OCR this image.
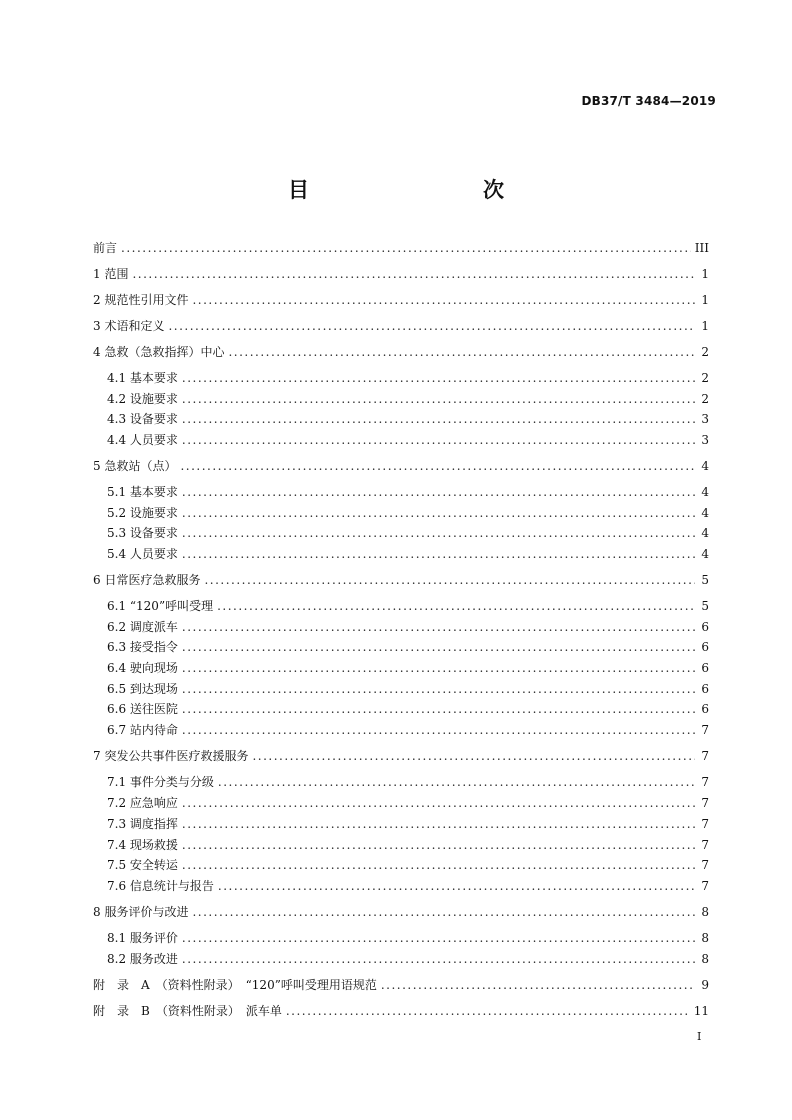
DB37/T 3484—2019
目　　次
前言 .....	III
1 范围 .....	1
2 规范性引用文件 .....	1
3 术语和定义 .....	1
4 急救（急救指挥）中心 .....	2
4.1 基本要求 .....	2
4.2 设施要求 .....	2
4.3 设备要求 .....	3
4.4 人员要求 .....	3
5 急救站（点） .....	4
5.1 基本要求 .....	4
5.2 设施要求 .....	4
5.3 设备要求 .....	4
5.4 人员要求 .....	4
6 日常医疗急救服务 .....	5
6.1 “120”呼叫受理 .....	5
6.2 调度派车 .....	6
6.3 接受指令 .....	6
6.4 驶向现场 .....	6
6.5 到达现场 .....	6
6.6 送往医院 .....	6
6.7 站内待命 .....	7
7 突发公共事件医疗救援服务 .....	7
7.1 事件分类与分级 .....	7
7.2 应急响应 .....	7
7.3 调度指挥 .....	7
7.4 现场救援 .....	7
7.5 安全转运 .....	7
7.6 信息统计与报告 .....	7
8 服务评价与改进 .....	8
8.1 服务评价 .....	8
8.2 服务改进 .....	8
附　录　A　（资料性附录）　“120”呼叫受理用语规范 .....	9
附　录　B　（资料性附录）　派车单 .....	11
I
